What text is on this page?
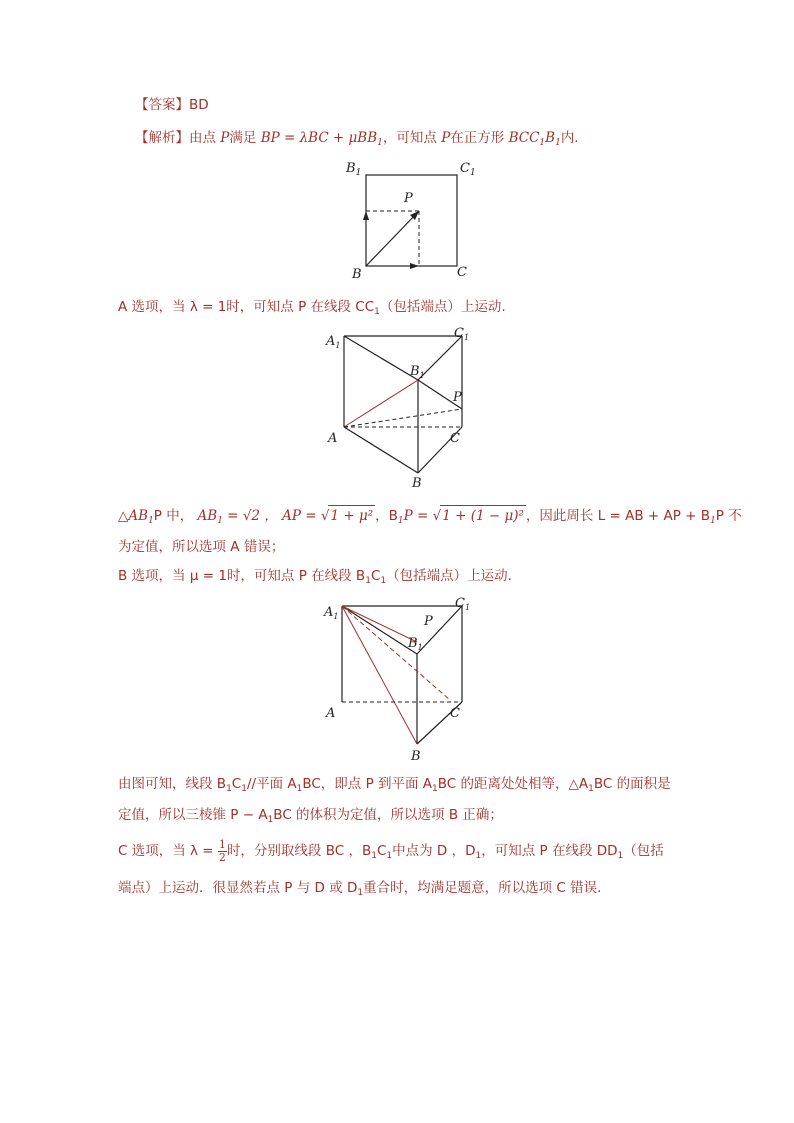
【答案】BD
【解析】由点 P满足 BP = λBC + μBB$_1$，可知点 P在正方形 $BCC_1B_1$内.
$B_1$	$C_1$
P
B	C
A 选项，当 λ = 1时，可知点 P 在线段 $CC_1$（包括端点）上运动.
$A_1$
$C_1$
$B_1$
P
A	C
B
$\triangle AB_1P$ 中， $AB_1 = √2$ ， AP = √1 + μ² ，$B_1P = √1 + (1 - \mu)^2$ ，因此周长 L = AB + AP + $B_1P$ 不
为定值，所以选项 A 错误；
B 选项，当 μ = 1时，可知点 P 在线段 $B_1C_1$（包括端点）上运动.
$A_1$
$C_1$
P
$B_1$
A	C
B
由图可知，线段 $B_1C_1//$平面 $A_1BC$，即点 P 到平面 $A_1BC$ 的距离处处相等，$\triangle A_1BC$ 的面积是
定值，所以三棱锥 $P - A_1BC$ 的体积为定值，所以选项 B 正确；
C 选项，当 $\lambda = \frac{1}{2}$ 时，分别取线段 BC ，$B_1C_1$中点为 D ，$D_1$，可知点 P 在线段 $DD_1$（包括
端点）上运动．很显然若点 P 与 D 或 $D_1$重合时，均满足题意，所以选项 C 错误.
